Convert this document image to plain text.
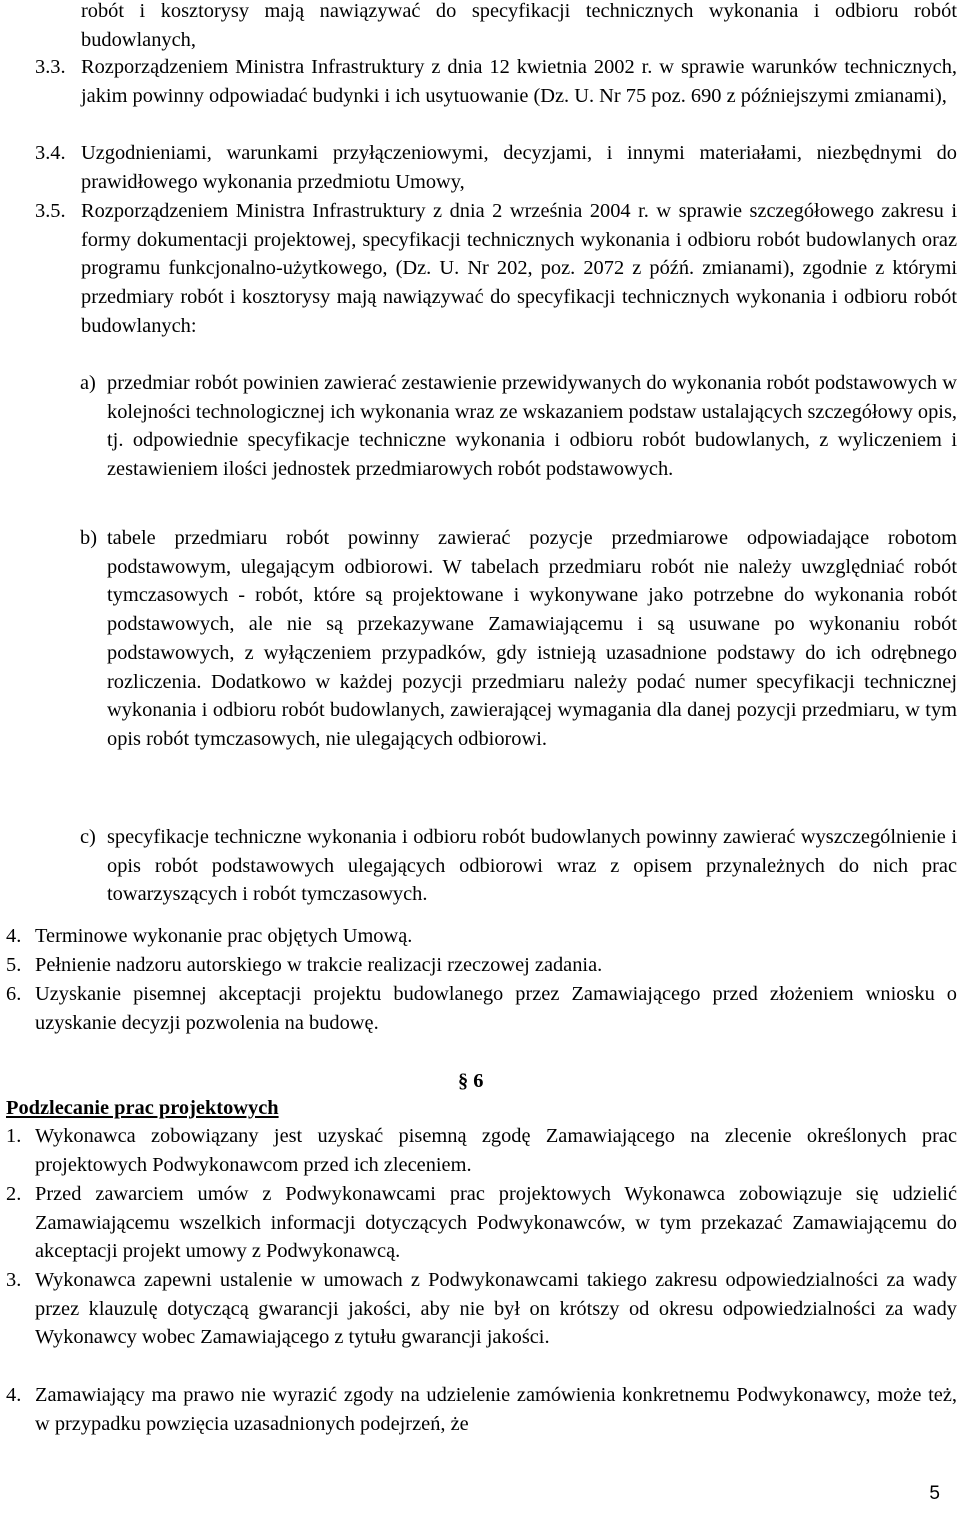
robót i kosztorysy mają nawiązywać do specyfikacji technicznych wykonania i odbioru robót budowlanych,

3.3. Rozporządzeniem Ministra Infrastruktury z dnia 12 kwietnia 2002 r. w sprawie warunków technicznych, jakim powinny odpowiadać budynki i ich usytuowanie (Dz. U. Nr 75 poz. 690 z późniejszymi zmianami),

3.4. Uzgodnieniami, warunkami przyłączeniowymi, decyzjami, i innymi materiałami, niezbędnymi do prawidłowego wykonania przedmiotu Umowy,

3.5. Rozporządzeniem Ministra Infrastruktury z dnia 2 września 2004 r. w sprawie szczegółowego zakresu i formy dokumentacji projektowej, specyfikacji technicznych wykonania i odbioru robót budowlanych oraz programu funkcjonalno-użytkowego, (Dz. U. Nr 202, poz. 2072 z późń. zmianami), zgodnie z którymi przedmiary robót i kosztorysy mają nawiązywać do specyfikacji technicznych wykonania i odbioru robót budowlanych:

a) przedmiar robót powinien zawierać zestawienie przewidywanych do wykonania robót podstawowych w kolejności technologicznej ich wykonania wraz ze wskazaniem podstaw ustalających szczegółowy opis, tj. odpowiednie specyfikacje techniczne wykonania i odbioru robót budowlanych, z wyliczeniem i zestawieniem ilości jednostek przedmiarowych robót podstawowych.

b) tabele przedmiaru robót powinny zawierać pozycje przedmiarowe odpowiadające robotom podstawowym, ulegającym odbiorowi. W tabelach przedmiaru robót nie należy uwzględniać robót tymczasowych - robót, które są projektowane i wykonywane jako potrzebne do wykonania robót podstawowych, ale nie są przekazywane Zamawiającemu i są usuwane po wykonaniu robót podstawowych, z wyłączeniem przypadków, gdy istnieją uzasadnione podstawy do ich odrębnego rozliczenia. Dodatkowo w każdej pozycji przedmiaru należy podać numer specyfikacji technicznej wykonania i odbioru robót budowlanych, zawierającej wymagania dla danej pozycji przedmiaru, w tym opis robót tymczasowych, nie ulegających odbiorowi.

c) specyfikacje techniczne wykonania i odbioru robót budowlanych powinny zawierać wyszczególnienie i opis robót podstawowych ulegających odbiorowi wraz z opisem przynależnych do nich prac towarzyszących i robót tymczasowych.

4. Terminowe wykonanie prac objętych Umową.

5. Pełnienie nadzoru autorskiego w trakcie realizacji rzeczowej zadania.

6. Uzyskanie pisemnej akceptacji projektu budowlanego przez Zamawiającego przed złożeniem wniosku o uzyskanie decyzji pozwolenia na budowę.

§ 6
Podzlecanie prac projektowych
1. Wykonawca zobowiązany jest uzyskać pisemną zgodę Zamawiającego na zlecenie określonych prac projektowych Podwykonawcom przed ich zleceniem.

2. Przed zawarciem umów z Podwykonawcami prac projektowych Wykonawca zobowiązuje się udzielić Zamawiającemu wszelkich informacji dotyczących Podwykonawców, w tym przekazać Zamawiającemu do akceptacji projekt umowy z Podwykonawcą.

3. Wykonawca zapewni ustalenie w umowach z Podwykonawcami takiego zakresu odpowiedzialności za wady przez klauzulę dotyczącą gwarancji jakości, aby nie był on krótszy od okresu odpowiedzialności za wady Wykonawcy wobec Zamawiającego z tytułu gwarancji jakości.

4. Zamawiający ma prawo nie wyrazić zgody na udzielenie zamówienia konkretnemu Podwykonawcy, może też, w przypadku powzięcia uzasadnionych podejrzeń, że

5
